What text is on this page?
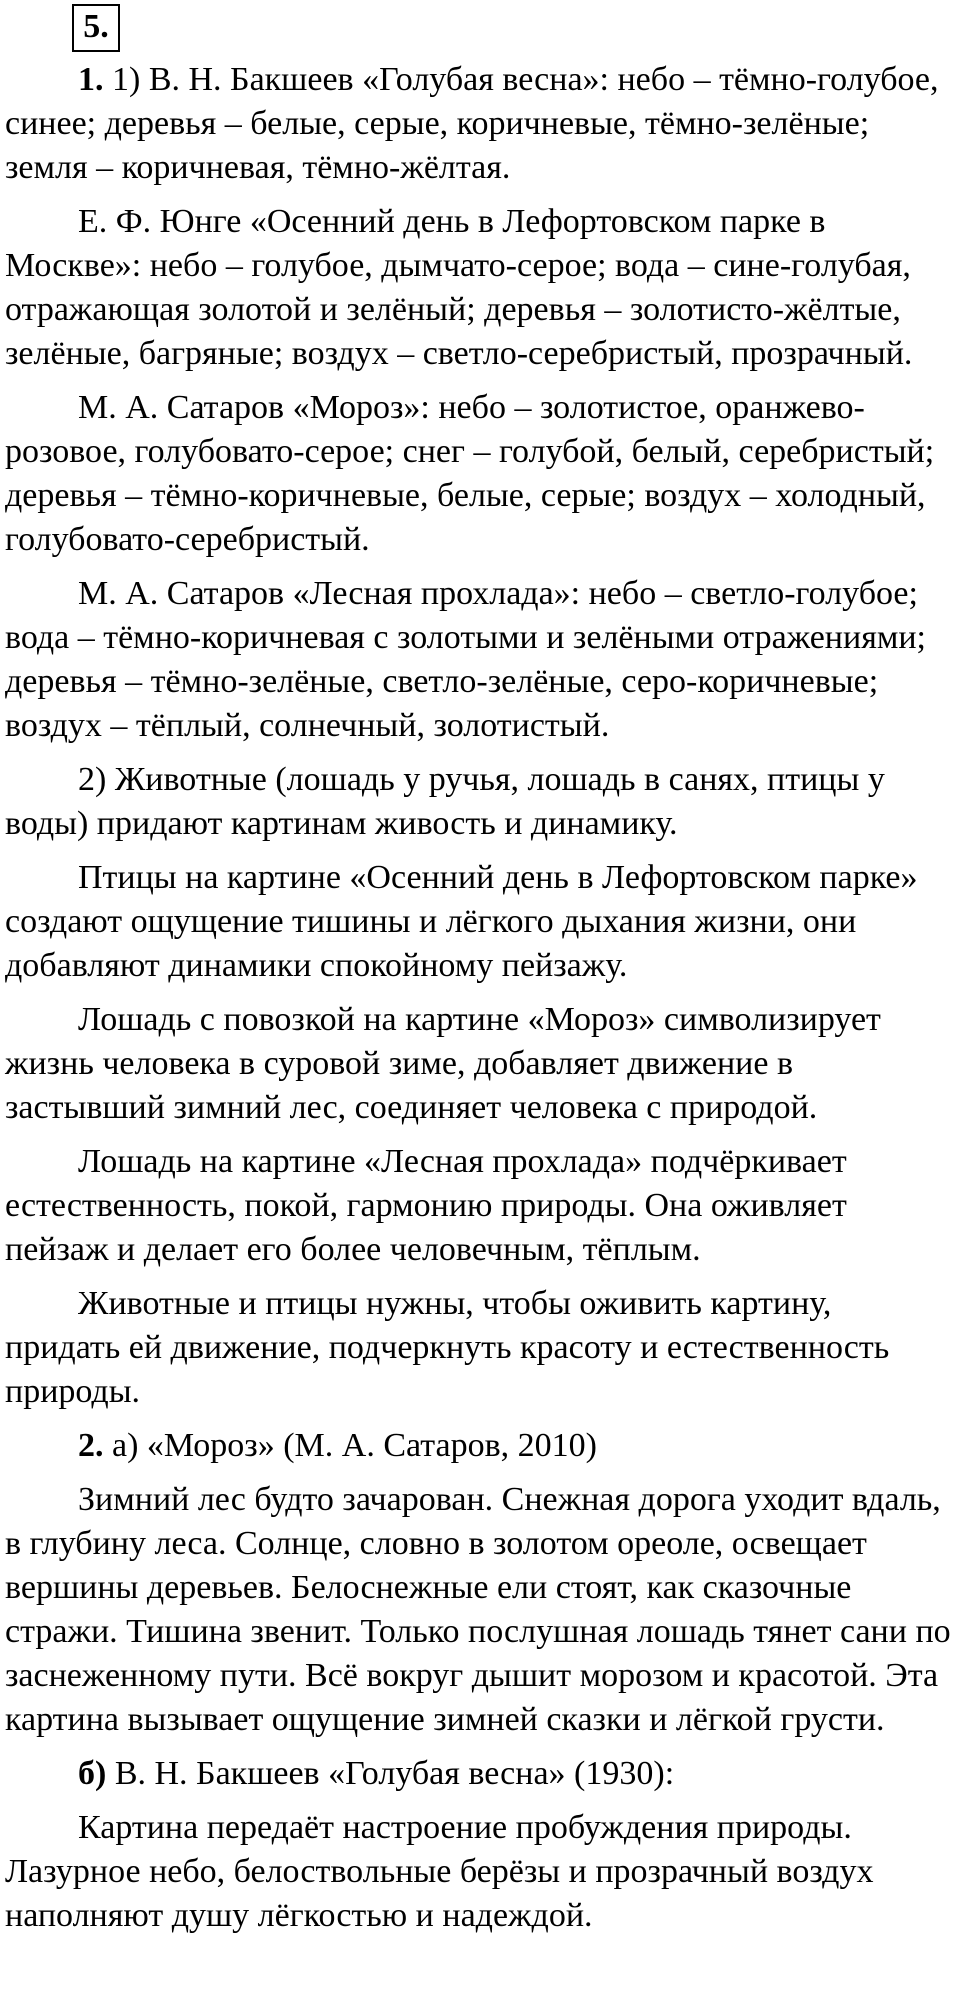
5.

1. 1) В. Н. Бакшеев «Голубая весна»: небо – тёмно-голубое, синее; деревья – белые, серые, коричневые, тёмно-зелёные; земля – коричневая, тёмно-жёлтая.

Е. Ф. Юнге «Осенний день в Лефортовском парке в Москве»: небо – голубое, дымчато-серое; вода – сине-голубая, отражающая золотой и зелёный; деревья – золотисто-жёлтые, зелёные, багряные; воздух – светло-серебристый, прозрачный.

М. А. Сатаров «Мороз»: небо – золотистое, оранжево-розовое, голубовато-серое; снег – голубой, белый, серебристый; деревья – тёмно-коричневые, белые, серые; воздух – холодный, голубовато-серебристый.

М. А. Сатаров «Лесная прохлада»: небо – светло-голубое; вода – тёмно-коричневая с золотыми и зелёными отражениями; деревья – тёмно-зелёные, светло-зелёные, серо-коричневые; воздух – тёплый, солнечный, золотистый.

2) Животные (лошадь у ручья, лошадь в санях, птицы у воды) придают картинам живость и динамику.

Птицы на картине «Осенний день в Лефортовском парке» создают ощущение тишины и лёгкого дыхания жизни, они добавляют динамики спокойному пейзажу.

Лошадь с повозкой на картине «Мороз» символизирует жизнь человека в суровой зиме, добавляет движение в застывший зимний лес, соединяет человека с природой.

Лошадь на картине «Лесная прохлада» подчёркивает естественность, покой, гармонию природы. Она оживляет пейзаж и делает его более человечным, тёплым.

Животные и птицы нужны, чтобы оживить картину, придать ей движение, подчеркнуть красоту и естественность природы.

2. а) «Мороз» (М. А. Сатаров, 2010)

Зимний лес будто зачарован. Снежная дорога уходит вдаль, в глубину леса. Солнце, словно в золотом ореоле, освещает вершины деревьев. Белоснежные ели стоят, как сказочные стражи. Тишина звенит. Только послушная лошадь тянет сани по заснеженному пути. Всё вокруг дышит морозом и красотой. Эта картина вызывает ощущение зимней сказки и лёгкой грусти.

б) В. Н. Бакшеев «Голубая весна» (1930):

Картина передаёт настроение пробуждения природы. Лазурное небо, белоствольные берёзы и прозрачный воздух наполняют душу лёгкостью и надеждой.
